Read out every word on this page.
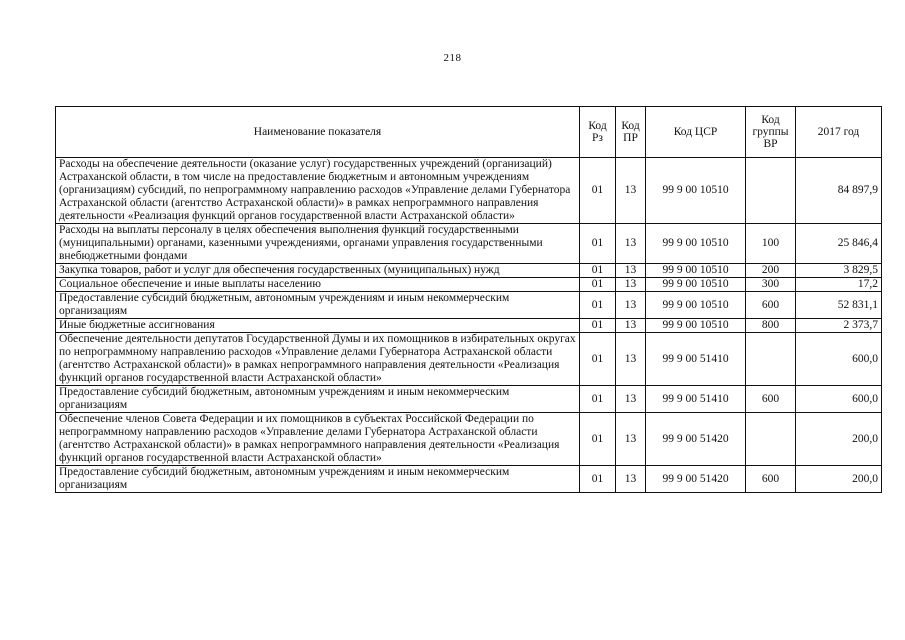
218
Наименование показателя	Код Рз	Код ПР	Код ЦСР	Код группы ВР	2017 год
Расходы на обеспечение деятельности (оказание услуг) государственных учреждений (организаций) Астраханской области, в том числе на предоставление бюджетным и автономным учреждениям (организациям) субсидий, по непрограммному направлению расходов «Управление делами Губернатора Астраханской области (агентство Астраханской области)» в рамках непрограммного направления деятельности «Реализация функций органов государственной власти Астраханской области»	01	13	99 9 00 10510		84 897,9
Расходы на выплаты персоналу в целях обеспечения выполнения функций государственными (муниципальными) органами, казенными учреждениями, органами управления государственными внебюджетными фондами	01	13	99 9 00 10510	100	25 846,4
Закупка товаров, работ и услуг для обеспечения государственных (муниципальных) нужд	01	13	99 9 00 10510	200	3 829,5
Социальное обеспечение и иные выплаты населению	01	13	99 9 00 10510	300	17,2
Предоставление субсидий бюджетным, автономным учреждениям и иным некоммерческим организациям	01	13	99 9 00 10510	600	52 831,1
Иные бюджетные ассигнования	01	13	99 9 00 10510	800	2 373,7
Обеспечение деятельности депутатов Государственной Думы и их помощников в избирательных округах по непрограммному направлению расходов «Управление делами Губернатора Астраханской области (агентство Астраханской области)» в рамках непрограммного направления деятельности «Реализация функций органов государственной власти Астраханской области»	01	13	99 9 00 51410		600,0
Предоставление субсидий бюджетным, автономным учреждениям и иным некоммерческим организациям	01	13	99 9 00 51410	600	600,0
Обеспечение членов Совета Федерации и их помощников в субъектах Российской Федерации по непрограммному направлению расходов «Управление делами Губернатора Астраханской области (агентство Астраханской области)» в рамках непрограммного направления деятельности «Реализация функций органов государственной власти Астраханской области»	01	13	99 9 00 51420		200,0
Предоставление субсидий бюджетным, автономным учреждениям и иным некоммерческим организациям	01	13	99 9 00 51420	600	200,0
